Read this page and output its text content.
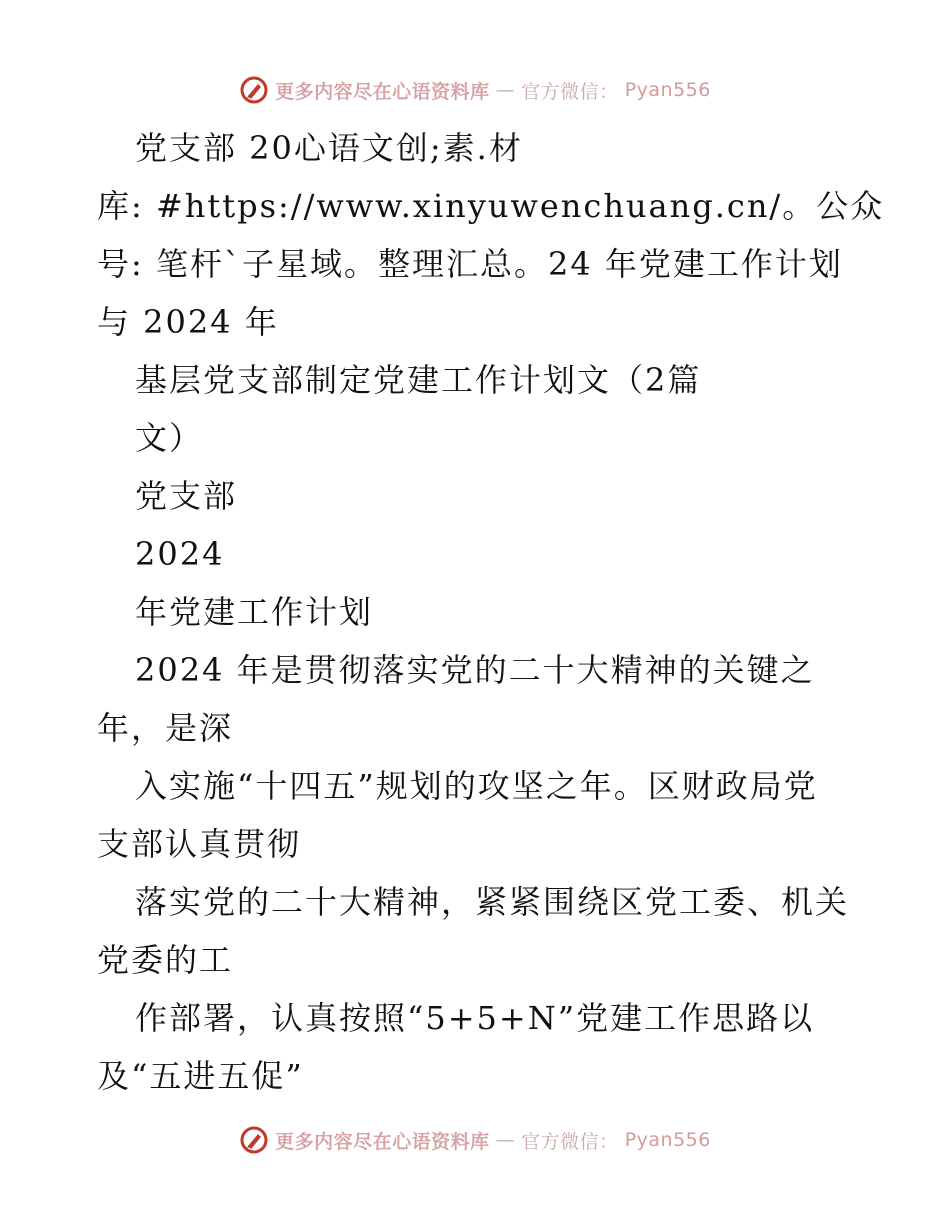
更多内容尽在心语资料库 — 官方微信： Pyan556
党支部 20心语文创;素.材
库: #https://www.xinyuwenchuang.cn/。公众
号: 笔杆`子星域。整理汇总。24 年党建工作计划
与 2024 年
基层党支部制定党建工作计划文（2篇
文）
党支部
2024
年党建工作计划
2024 年是贯彻落实党的二十大精神的关键之
年，是深
入实施“十四五”规划的攻坚之年。区财政局党
支部认真贯彻
落实党的二十大精神，紧紧围绕区党工委、机关
党委的工
作部署，认真按照“5+5+N”党建工作思路以
及“五进五促”
更多内容尽在心语资料库 — 官方微信： Pyan556
